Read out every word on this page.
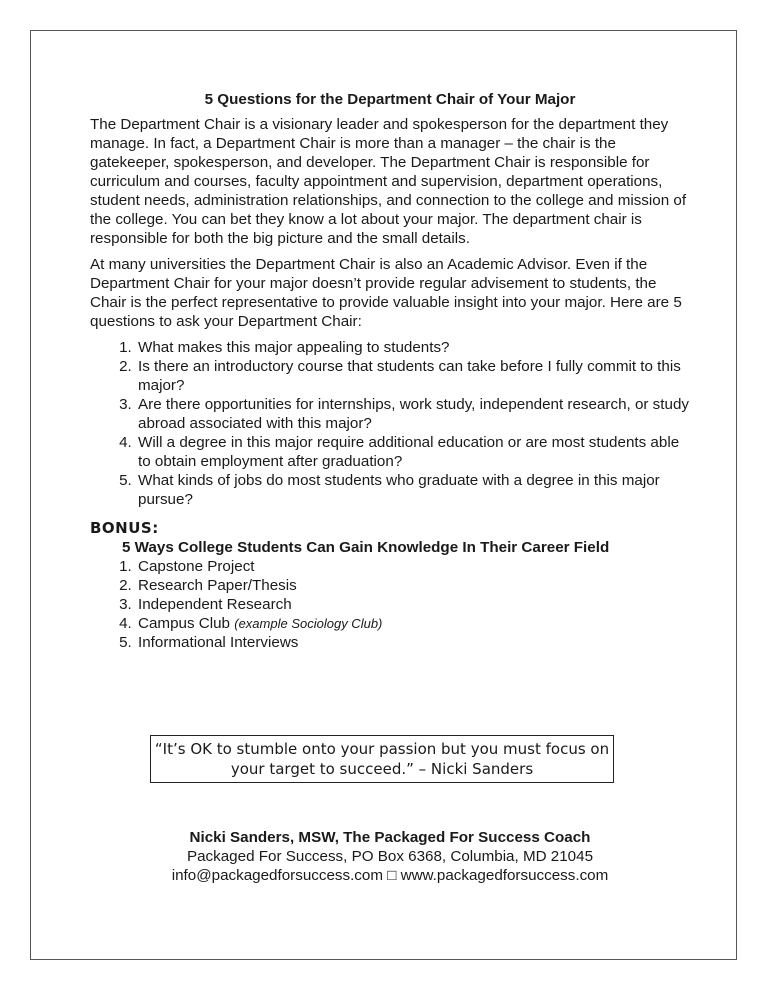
5 Questions for the Department Chair of Your Major

The Department Chair is a visionary leader and spokesperson for the department they manage. In fact, a Department Chair is more than a manager – the chair is the gatekeeper, spokesperson, and developer. The Department Chair is responsible for curriculum and courses, faculty appointment and supervision, department operations, student needs, administration relationships, and connection to the college and mission of the college. You can bet they know a lot about your major. The department chair is responsible for both the big picture and the small details.

At many universities the Department Chair is also an Academic Advisor. Even if the Department Chair for your major doesn’t provide regular advisement to students, the Chair is the perfect representative to provide valuable insight into your major. Here are 5 questions to ask your Department Chair:

1. What makes this major appealing to students?
2. Is there an introductory course that students can take before I fully commit to this major?
3. Are there opportunities for internships, work study, independent research, or study abroad associated with this major?
4. Will a degree in this major require additional education or are most students able to obtain employment after graduation?
5. What kinds of jobs do most students who graduate with a degree in this major pursue?
BONUS:
5 Ways College Students Can Gain Knowledge In Their Career Field
1. Capstone Project
2. Research Paper/Thesis
3. Independent Research
4. Campus Club (example Sociology Club)
5. Informational Interviews
“It’s OK to stumble onto your passion but you must focus on
your target to succeed.” – Nicki Sanders
Nicki Sanders, MSW, The Packaged For Success Coach
Packaged For Success, PO Box 6368, Columbia, MD 21045
info@packagedforsuccess.com □ www.packagedforsuccess.com
